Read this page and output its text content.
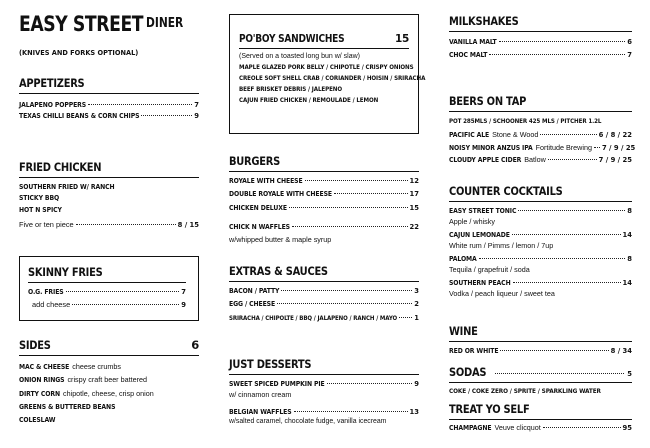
EASY STREET DINER
(KNIVES AND FORKS OPTIONAL)
APPETIZERS
JALAPENO POPPERS	7
TEXAS CHILLI BEANS & CORN CHIPS	9
FRIED CHICKEN
SOUTHERN FRIED W/ RANCH
STICKY BBQ
HOT N SPICY
Five or ten piece	8 / 15
SKINNY FRIES
O.G. FRIES	7
add cheese	9
SIDES	6
MAC & CHEESE cheese crumbs
ONION RINGS crispy craft beer battered
DIRTY CORN chipotle, cheese, crisp onion
GREENS & BUTTERED BEANS
COLESLAW
PO'BOY SANDWICHES	15
(Served on a toasted long bun w/ slaw)
MAPLE GLAZED PORK BELLY / CHIPOTLE / CRISPY ONIONS
CREOLE SOFT SHELL CRAB / CORIANDER / HOISIN / SRIRACHA
BEEF BRISKET DEBRIS / JALEPENO
CAJUN FRIED CHICKEN / REMOULADE / LEMON
BURGERS
ROYALE WITH CHEESE	12
DOUBLE ROYALE WITH CHEESE	17
CHICKEN DELUXE	15
CHICK N WAFFLES	22
w/whipped butter & maple syrup
EXTRAS & SAUCES
BACON / PATTY	3
EGG / CHEESE	2
SRIRACHA / CHIPOLTE / BBQ / JALAPENO / RANCH / MAYO	1
JUST DESSERTS
SWEET SPICED PUMPKIN PIE	9
w/ cinnamon cream
BELGIAN WAFFLES	13
w/salted caramel, chocolate fudge, vanilla icecream
MILKSHAKES
VANILLA MALT	6
CHOC MALT	7
BEERS ON TAP
POT 285MLS / SCHOONER 425 MLS / PITCHER 1.2L
PACIFIC ALE Stone & Wood	6 / 8 / 22
NOISY MINOR ANZUS IPA Fortitude Brewing 7 / 9 / 25
CLOUDY APPLE CIDER Batlow	7 / 9 / 25
COUNTER COCKTAILS
EASY STREET TONIC	8
Apple / whisky
CAJUN LEMONADE	14
White rum / Pimms / lemon / 7up
PALOMA	8
Tequila / grapefruit / soda
SOUTHERN PEACH	14
Vodka / peach liqueur / sweet tea
WINE
RED OR WHITE	8 / 34
SODAS	5
COKE / COKE ZERO / SPRITE / SPARKLING WATER
TREAT YO SELF
CHAMPAGNE Veuve clicquot	95
